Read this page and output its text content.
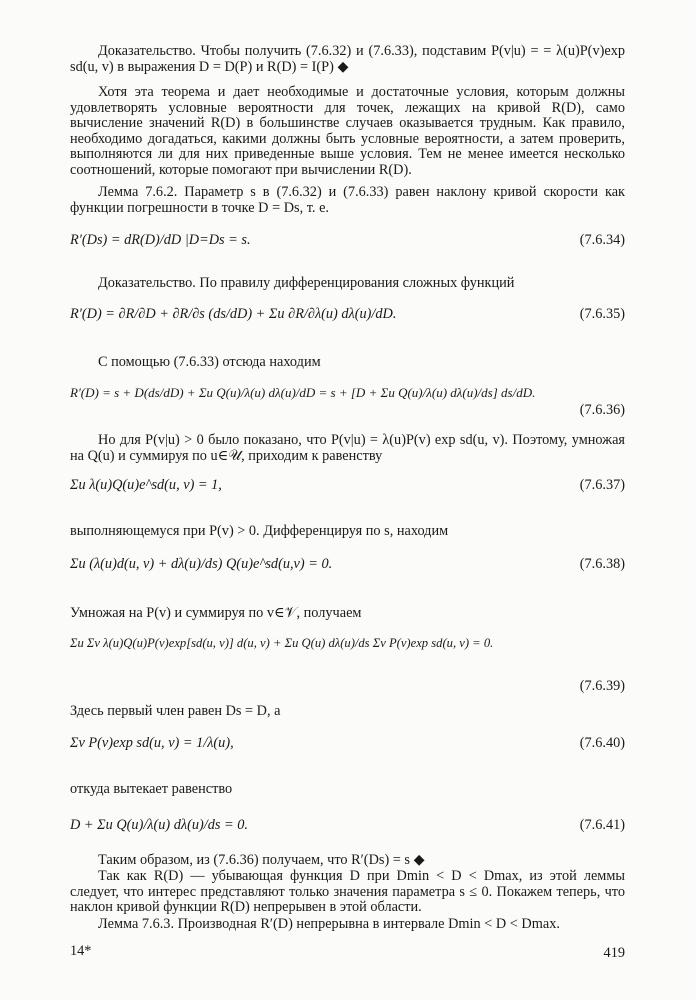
Доказательство. Чтобы получить (7.6.32) и (7.6.33), подставим P(v|u) = = λ(u)P(v)exp sd(u, v) в выражения D = D(P) и R(D) = I(P) ◆

Хотя эта теорема и дает необходимые и достаточные условия, которым должны удовлетворять условные вероятности для точек, лежащих на кривой R(D), само вычисление значений R(D) в большинстве случаев оказывается трудным. Как правило, необходимо догадаться, какими должны быть условные вероятности, а затем проверить, выполняются ли для них приведенные выше условия. Тем не менее имеется несколько соотношений, которые помогают при вычислении R(D).

Лемма 7.6.2. Параметр s в (7.6.32) и (7.6.33) равен наклону кривой скорости как функции погрешности в точке D = Ds, т. е.

R′(Ds) = dR(D)/dD |D=Ds = s.	(7.6.34)

Доказательство. По правилу дифференцирования сложных функций

R′(D) = ∂R/∂D + ∂R/∂s (ds/dD) + Σu ∂R/∂λ(u) dλ(u)/dD.	(7.6.35)

С помощью (7.6.33) отсюда находим

R′(D) = s + D(ds/dD) + Σu Q(u)/λ(u) dλ(u)/dD = s + [D + Σu Q(u)/λ(u) dλ(u)/ds] ds/dD.
(7.6.36)

Но для P(v|u) > 0 было показано, что P(v|u) = λ(u)P(v) exp sd(u, v). Поэтому, умножая на Q(u) и суммируя по u∈𝒰, приходим к равенству

Σu λ(u)Q(u)e^sd(u, v) = 1,	(7.6.37)

выполняющемуся при P(v) > 0. Дифференцируя по s, находим

Σu (λ(u)d(u, v) + dλ(u)/ds) Q(u)e^sd(u,v) = 0.	(7.6.38)

Умножая на P(v) и суммируя по v∈𝒱, получаем

Σu Σv λ(u)Q(u)P(v)exp[sd(u, v)] d(u, v) + Σu Q(u) dλ(u)/ds Σv P(v)exp sd(u, v) = 0.
(7.6.39)

Здесь первый член равен Ds = D, а

Σv P(v)exp sd(u, v) = 1/λ(u),	(7.6.40)

откуда вытекает равенство

D + Σu Q(u)/λ(u) dλ(u)/ds = 0.	(7.6.41)

Таким образом, из (7.6.36) получаем, что R′(Ds) = s ◆

Так как R(D) — убывающая функция D при Dmin < D < Dmax, из этой леммы следует, что интерес представляют только значения параметра s ≤ 0. Покажем теперь, что наклон кривой функции R(D) непрерывен в этой области.

Лемма 7.6.3. Производная R′(D) непрерывна в интервале Dmin < D < Dmax.

14*	419
